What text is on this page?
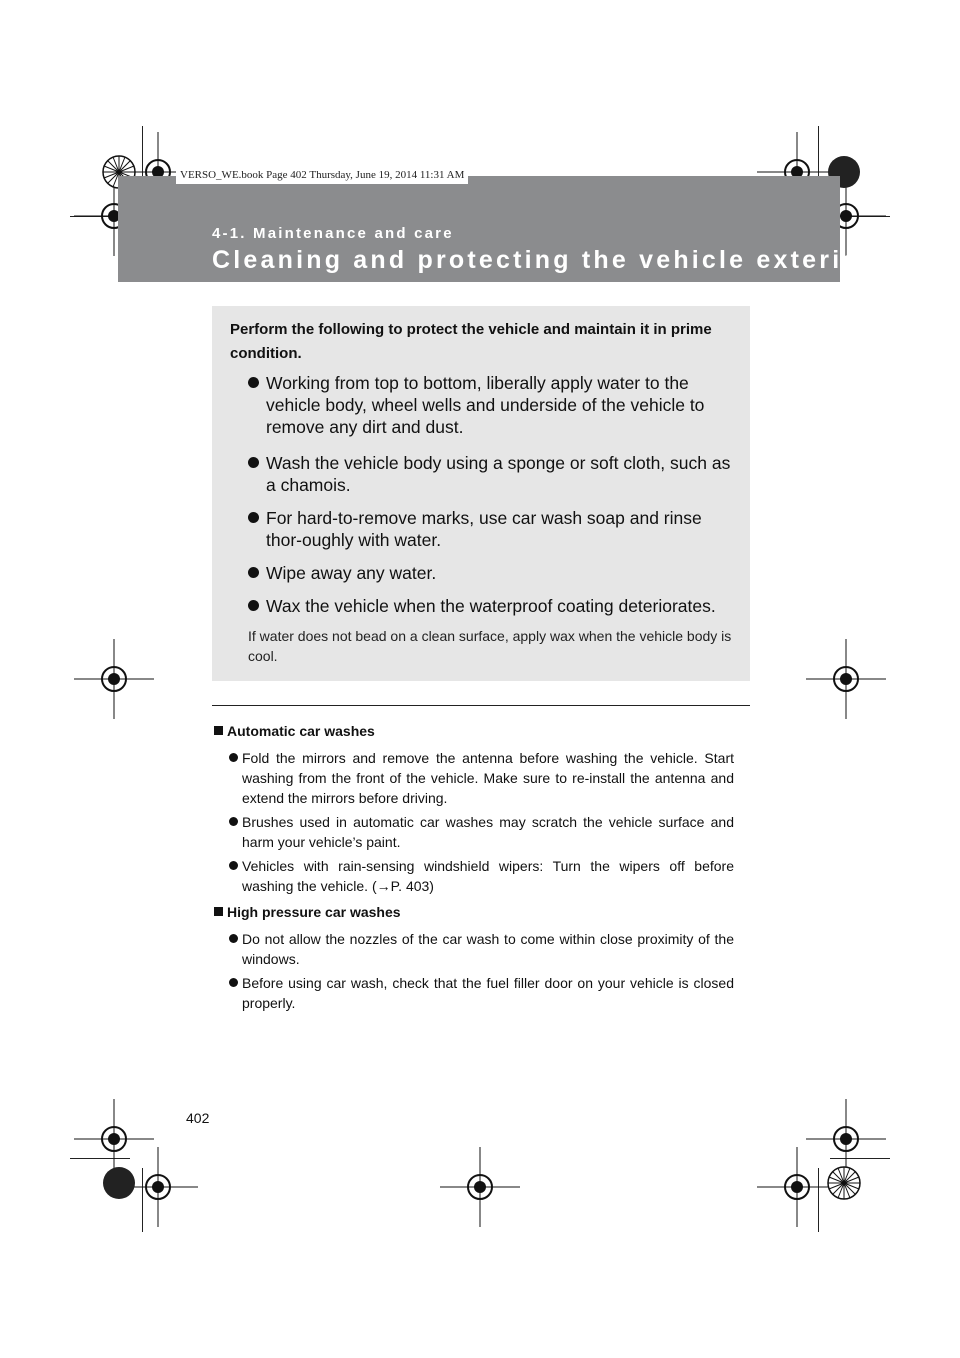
VERSO_WE.book Page 402 Thursday, June 19, 2014 11:31 AM
4-1. Maintenance and care
Cleaning and protecting the vehicle exterior
Perform the following to protect the vehicle and maintain it in prime condition.
Working from top to bottom, liberally apply water to the vehicle body, wheel wells and underside of the vehicle to remove any dirt and dust.
Wash the vehicle body using a sponge or soft cloth, such as a chamois.
For hard-to-remove marks, use car wash soap and rinse thor-oughly with water.
Wipe away any water.
Wax the vehicle when the waterproof coating deteriorates.
If water does not bead on a clean surface, apply wax when the vehicle body is cool.
Automatic car washes
Fold the mirrors and remove the antenna before washing the vehicle. Start washing from the front of the vehicle. Make sure to re-install the antenna and extend the mirrors before driving.
Brushes used in automatic car washes may scratch the vehicle surface and harm your vehicle’s paint.
Vehicles with rain-sensing windshield wipers: Turn the wipers off before washing the vehicle. (→P. 403)
High pressure car washes
Do not allow the nozzles of the car wash to come within close proximity of the windows.
Before using car wash, check that the fuel filler door on your vehicle is closed properly.
402
